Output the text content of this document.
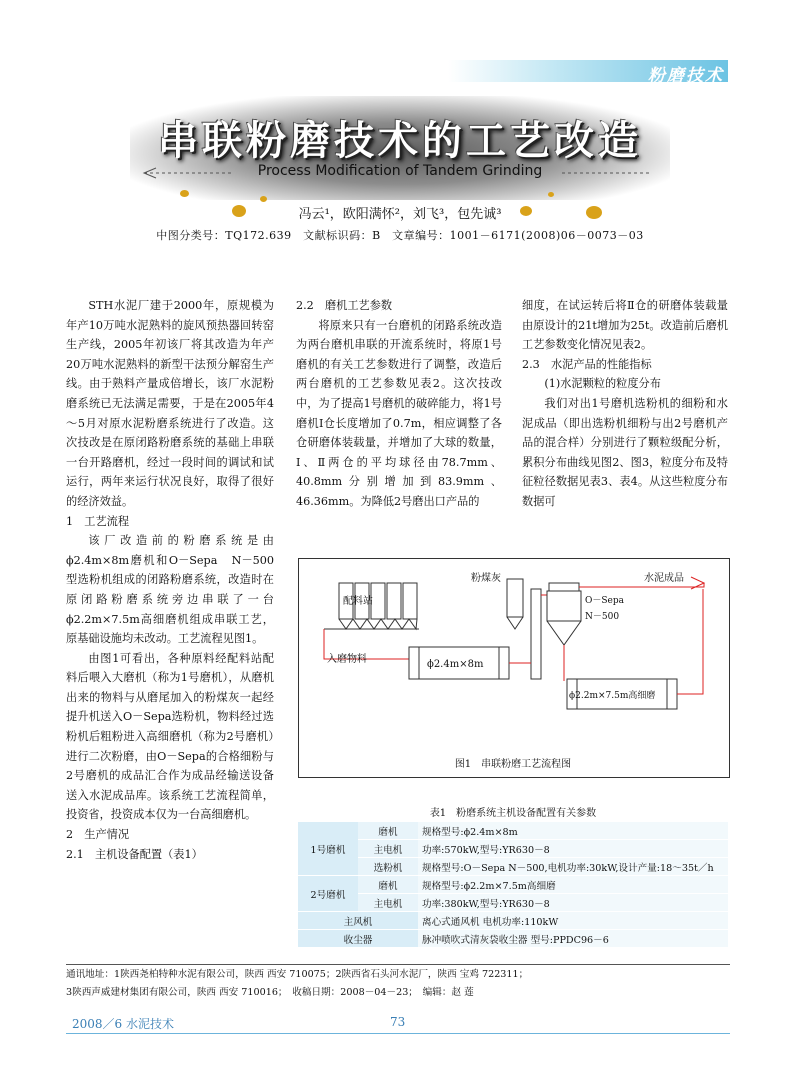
粉磨技术
串联粉磨技术的工艺改造
Process Modification of Tandem Grinding
冯云¹，欧阳满怀²，刘飞³，包先诚³
中图分类号：TQ172.639　文献标识码：B　文章编号：1001－6171(2008)06－0073－03

STH水泥厂建于2000年，原规模为年产10万吨水泥熟料的旋风预热器回转窑生产线，2005年初该厂将其改造为年产20万吨水泥熟料的新型干法预分解窑生产线。由于熟料产量成倍增长，该厂水泥粉磨系统已无法满足需要，于是在2005年4～5月对原水泥粉磨系统进行了改造。这次技改是在原闭路粉磨系统的基础上串联一台开路磨机，经过一段时间的调试和试运行，两年来运行状况良好，取得了很好的经济效益。

1　工艺流程

该厂改造前的粉磨系统是由ϕ2.4m×8m磨机和O－Sepa　N－500型选粉机组成的闭路粉磨系统，改造时在原闭路粉磨系统旁边串联了一台ϕ2.2m×7.5m高细磨机组成串联工艺，原基础设施均未改动。工艺流程见图1。

由图1可看出，各种原料经配料站配料后喂入大磨机（称为1号磨机），从磨机出来的物料与从磨尾加入的粉煤灰一起经提升机送入O－Sepa选粉机，物料经过选粉机后粗粉进入高细磨机（称为2号磨机）进行二次粉磨，由O－Sepa的合格细粉与2号磨机的成品汇合作为成品经输送设备送入水泥成品库。该系统工艺流程简单，投资省，投资成本仅为一台高细磨机。

2　生产情况

2.1　主机设备配置（表1）

2.2　磨机工艺参数

将原来只有一台磨机的闭路系统改造为两台磨机串联的开流系统时，将原1号磨机的有关工艺参数进行了调整，改造后两台磨机的工艺参数见表2。这次技改中，为了提高1号磨机的破碎能力，将1号磨机Ⅰ仓长度增加了0.7m，相应调整了各仓研磨体装载量，并增加了大球的数量，Ⅰ、Ⅱ两仓的平均球径由78.7mm、40.8mm分别增加到83.9mm、46.36mm。为降低2号磨出口产品的

细度，在试运转后将Ⅱ仓的研磨体装载量由原设计的21t增加为25t。改造前后磨机工艺参数变化情况见表2。

2.3　水泥产品的性能指标

(1)水泥颗粒的粒度分布

我们对出1号磨机选粉机的细粉和水泥成品（即出选粉机细粉与出2号磨机产品的混合样）分别进行了颗粒级配分析，累积分布曲线见图2、图3，粒度分布及特征粒径数据见表3、表4。从这些粒度分布数据可

配料站
入磨物料	ϕ2.4m×8m
粉煤灰
O－Sepa
N－500
水泥成品
ϕ2.2m×7.5m高细磨
图1　串联粉磨工艺流程图
表1　粉磨系统主机设备配置有关参数
1号磨机	磨机	规格型号:ϕ2.4m×8m
	主电机	功率:570kW,型号:YR630－8
	选粉机	规格型号:O－Sepa N－500,电机功率:30kW,设计产量:18～35t／h
2号磨机	磨机	规格型号:ϕ2.2m×7.5m高细磨
	主电机	功率:380kW,型号:YR630－8
主风机		离心式通风机 电机功率:110kW
收尘器		脉冲喷吹式清灰袋收尘器 型号:PPDC96－6
通讯地址：1陕西尧柏特种水泥有限公司，陕西 西安 710075；2陕西省石头河水泥厂，陕西 宝鸡 722311；
3陕西声威建材集团有限公司，陕西 西安 710016；　收稿日期：2008－04－23；　编辑：赵 莲
2008／6 水泥技术	73
